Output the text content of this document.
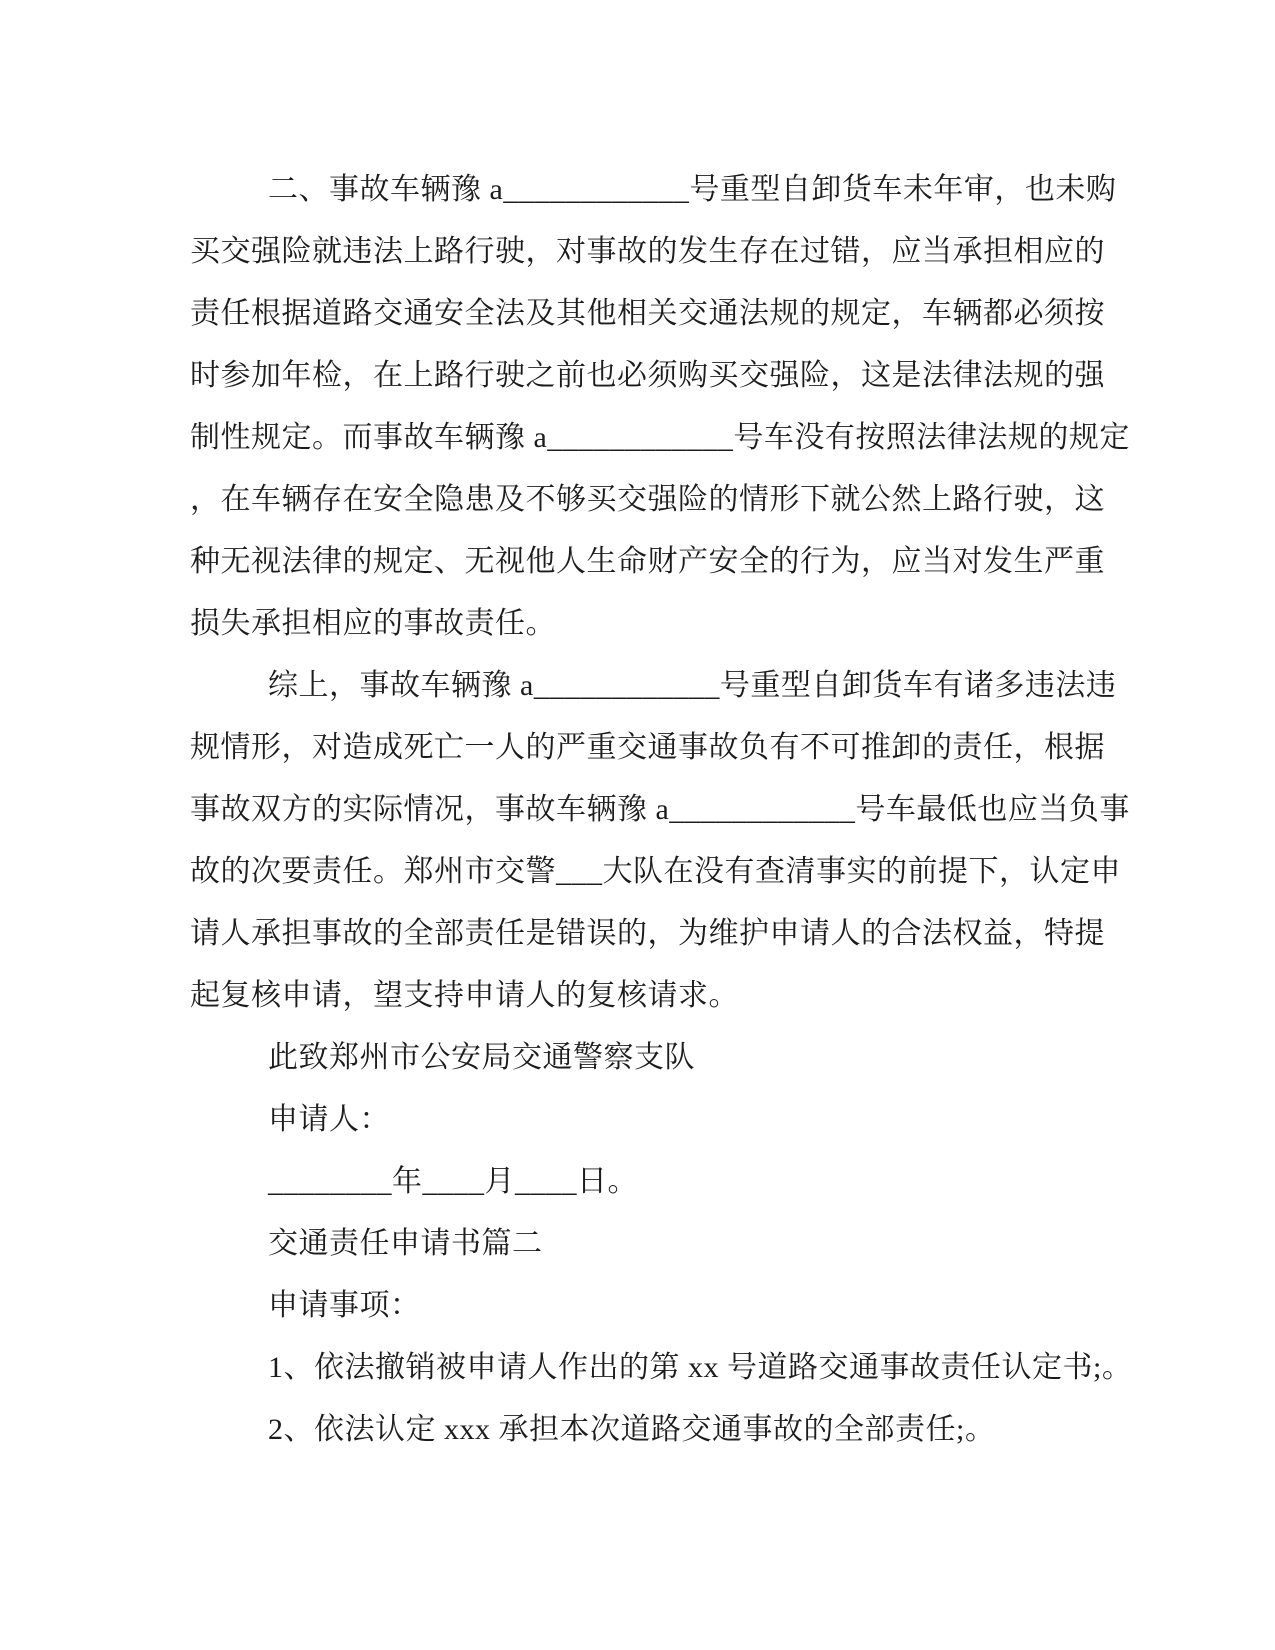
二、事故车辆豫 a____________号重型自卸货车未年审，也未购
买交强险就违法上路行驶，对事故的发生存在过错，应当承担相应的
责任根据道路交通安全法及其他相关交通法规的规定，车辆都必须按
时参加年检，在上路行驶之前也必须购买交强险，这是法律法规的强
制性规定。而事故车辆豫 a____________号车没有按照法律法规的规定
，在车辆存在安全隐患及不够买交强险的情形下就公然上路行驶，这
种无视法律的规定、无视他人生命财产安全的行为，应当对发生严重
损失承担相应的事故责任。
综上，事故车辆豫 a____________号重型自卸货车有诸多违法违
规情形，对造成死亡一人的严重交通事故负有不可推卸的责任，根据
事故双方的实际情况，事故车辆豫 a____________号车最低也应当负事
故的次要责任。郑州市交警___大队在没有查清事实的前提下，认定申
请人承担事故的全部责任是错误的，为维护申请人的合法权益，特提
起复核申请，望支持申请人的复核请求。
此致郑州市公安局交通警察支队
申请人：
________年____月____日。
交通责任申请书篇二
申请事项：
1、依法撤销被申请人作出的第 xx 号道路交通事故责任认定书;。
2、依法认定 xxx 承担本次道路交通事故的全部责任;。
